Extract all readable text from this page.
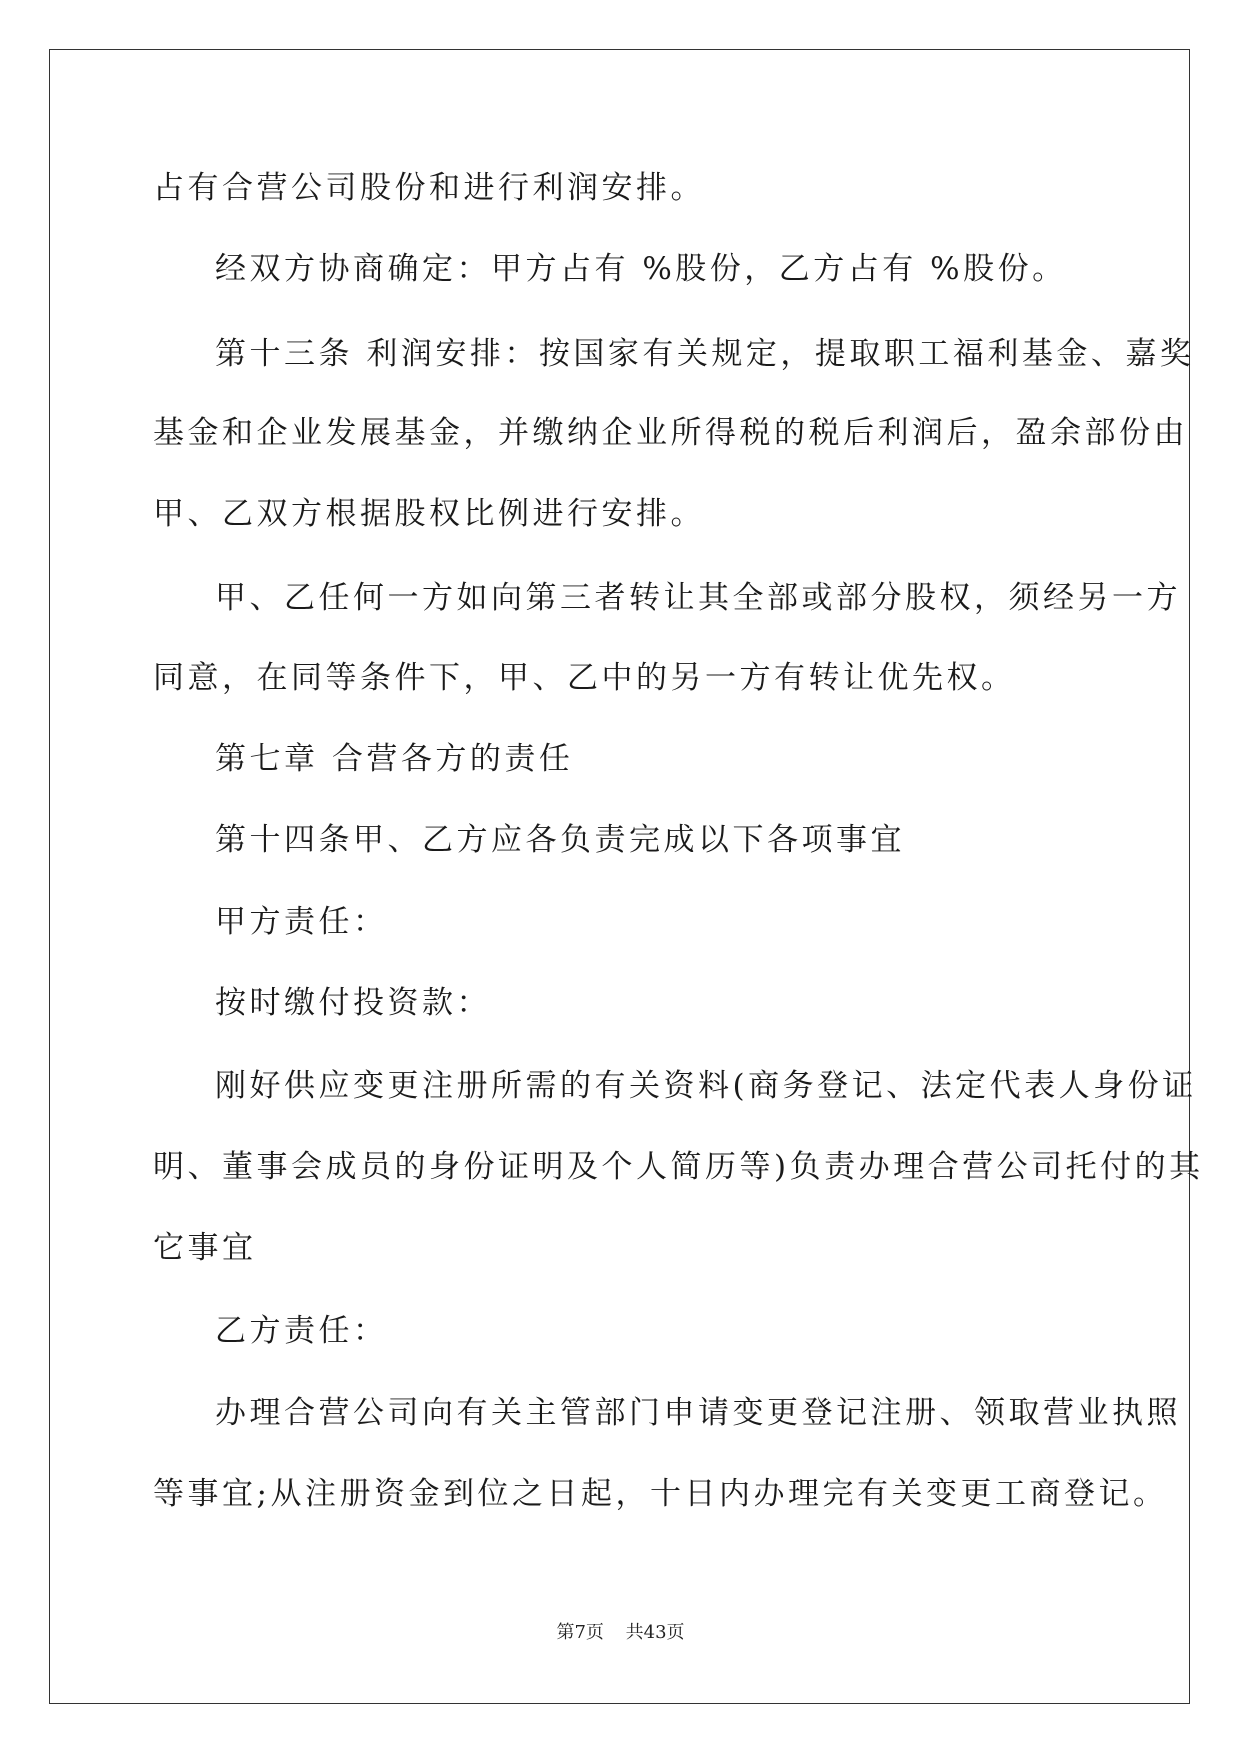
占有合营公司股份和进行利润安排。
经双方协商确定：甲方占有 %股份，乙方占有 %股份。
第十三条 利润安排：按国家有关规定，提取职工福利基金、嘉奖
基金和企业发展基金，并缴纳企业所得税的税后利润后，盈余部份由
甲、乙双方根据股权比例进行安排。
甲、乙任何一方如向第三者转让其全部或部分股权，须经另一方
同意，在同等条件下，甲、乙中的另一方有转让优先权。
第七章 合营各方的责任
第十四条甲、乙方应各负责完成以下各项事宜
甲方责任：
按时缴付投资款：
刚好供应变更注册所需的有关资料(商务登记、法定代表人身份证
明、董事会成员的身份证明及个人简历等)负责办理合营公司托付的其
它事宜
乙方责任：
办理合营公司向有关主管部门申请变更登记注册、领取营业执照
等事宜;从注册资金到位之日起，十日内办理完有关变更工商登记。
第7页 共43页
